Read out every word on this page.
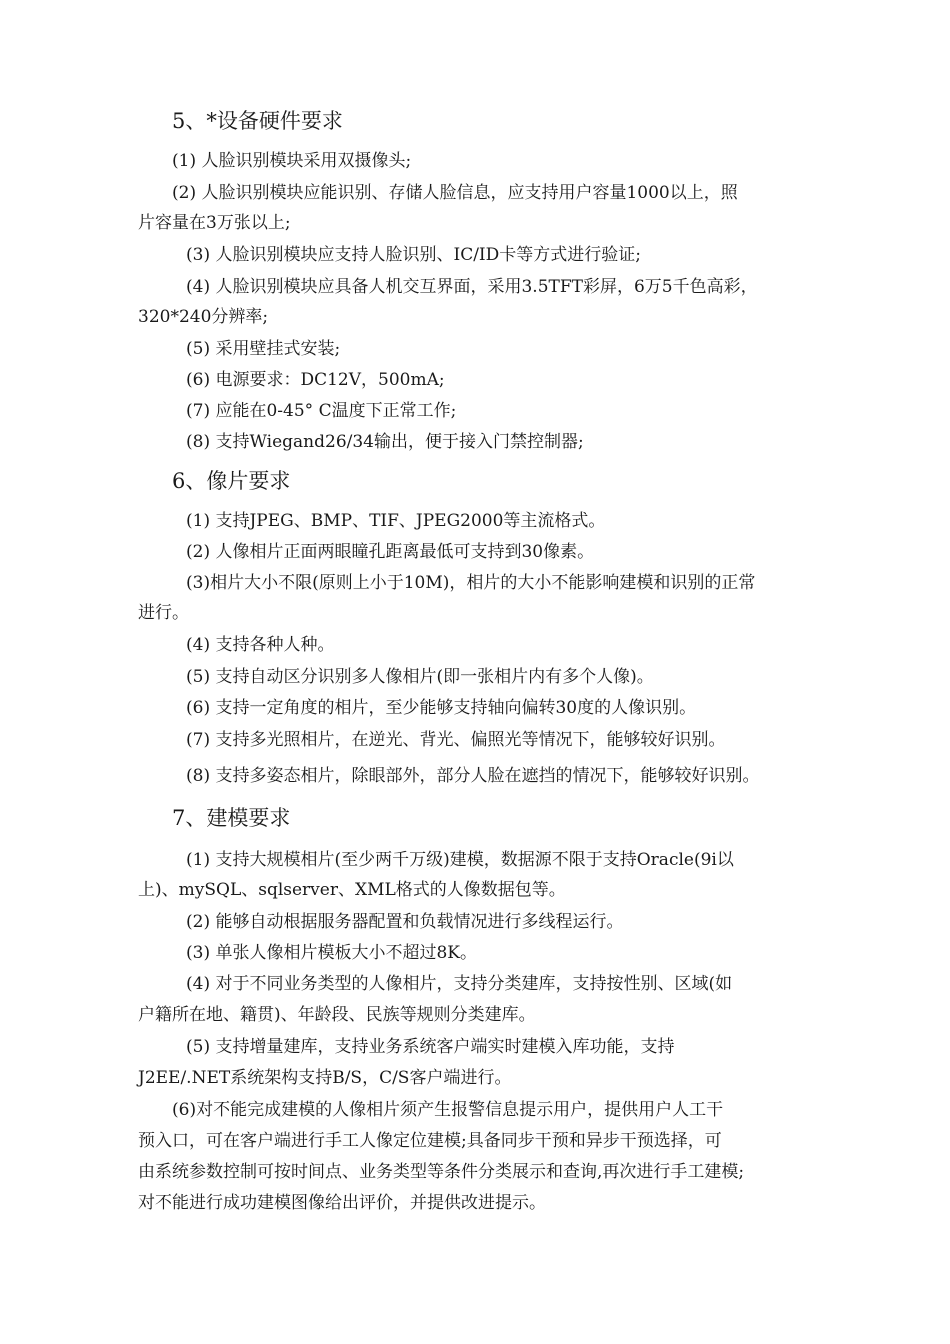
5、*设备硬件要求
(1) 人脸识别模块采用双摄像头;
(2) 人脸识别模块应能识别、存储人脸信息，应支持用户容量1000以上，照
片容量在3万张以上;
(3) 人脸识别模块应支持人脸识别、IC/ID卡等方式进行验证;
(4) 人脸识别模块应具备人机交互界面，采用3.5TFT彩屏，6万5千色高彩，
320*240分辨率;
(5) 采用壁挂式安装;
(6) 电源要求：DC12V，500mA;
(7) 应能在0-45° C温度下正常工作;
(8) 支持Wiegand26/34输出，便于接入门禁控制器;
6、像片要求
(1) 支持JPEG、BMP、TIF、JPEG2000等主流格式。
(2) 人像相片正面两眼瞳孔距离最低可支持到30像素。
(3)相片大小不限(原则上小于10M)，相片的大小不能影响建模和识别的正常
进行。
(4) 支持各种人种。
(5) 支持自动区分识别多人像相片(即一张相片内有多个人像)。
(6) 支持一定角度的相片，至少能够支持轴向偏转30度的人像识别。
(7) 支持多光照相片，在逆光、背光、偏照光等情况下，能够较好识别。
(8) 支持多姿态相片，除眼部外，部分人脸在遮挡的情况下，能够较好识别。
7、建模要求
(1) 支持大规模相片(至少两千万级)建模，数据源不限于支持Oracle(9i以
上)、mySQL、sqlserver、XML格式的人像数据包等。
(2) 能够自动根据服务器配置和负载情况进行多线程运行。
(3) 单张人像相片模板大小不超过8K。
(4) 对于不同业务类型的人像相片，支持分类建库，支持按性别、区域(如
户籍所在地、籍贯)、年龄段、民族等规则分类建库。
(5) 支持增量建库，支持业务系统客户端实时建模入库功能，支持
J2EE/.NET系统架构支持B/S，C/S客户端进行。
(6)对不能完成建模的人像相片须产生报警信息提示用户，提供用户人工干
预入口，可在客户端进行手工人像定位建模;具备同步干预和异步干预选择，可
由系统参数控制可按时间点、业务类型等条件分类展示和查询,再次进行手工建模;
对不能进行成功建模图像给出评价，并提供改进提示。
